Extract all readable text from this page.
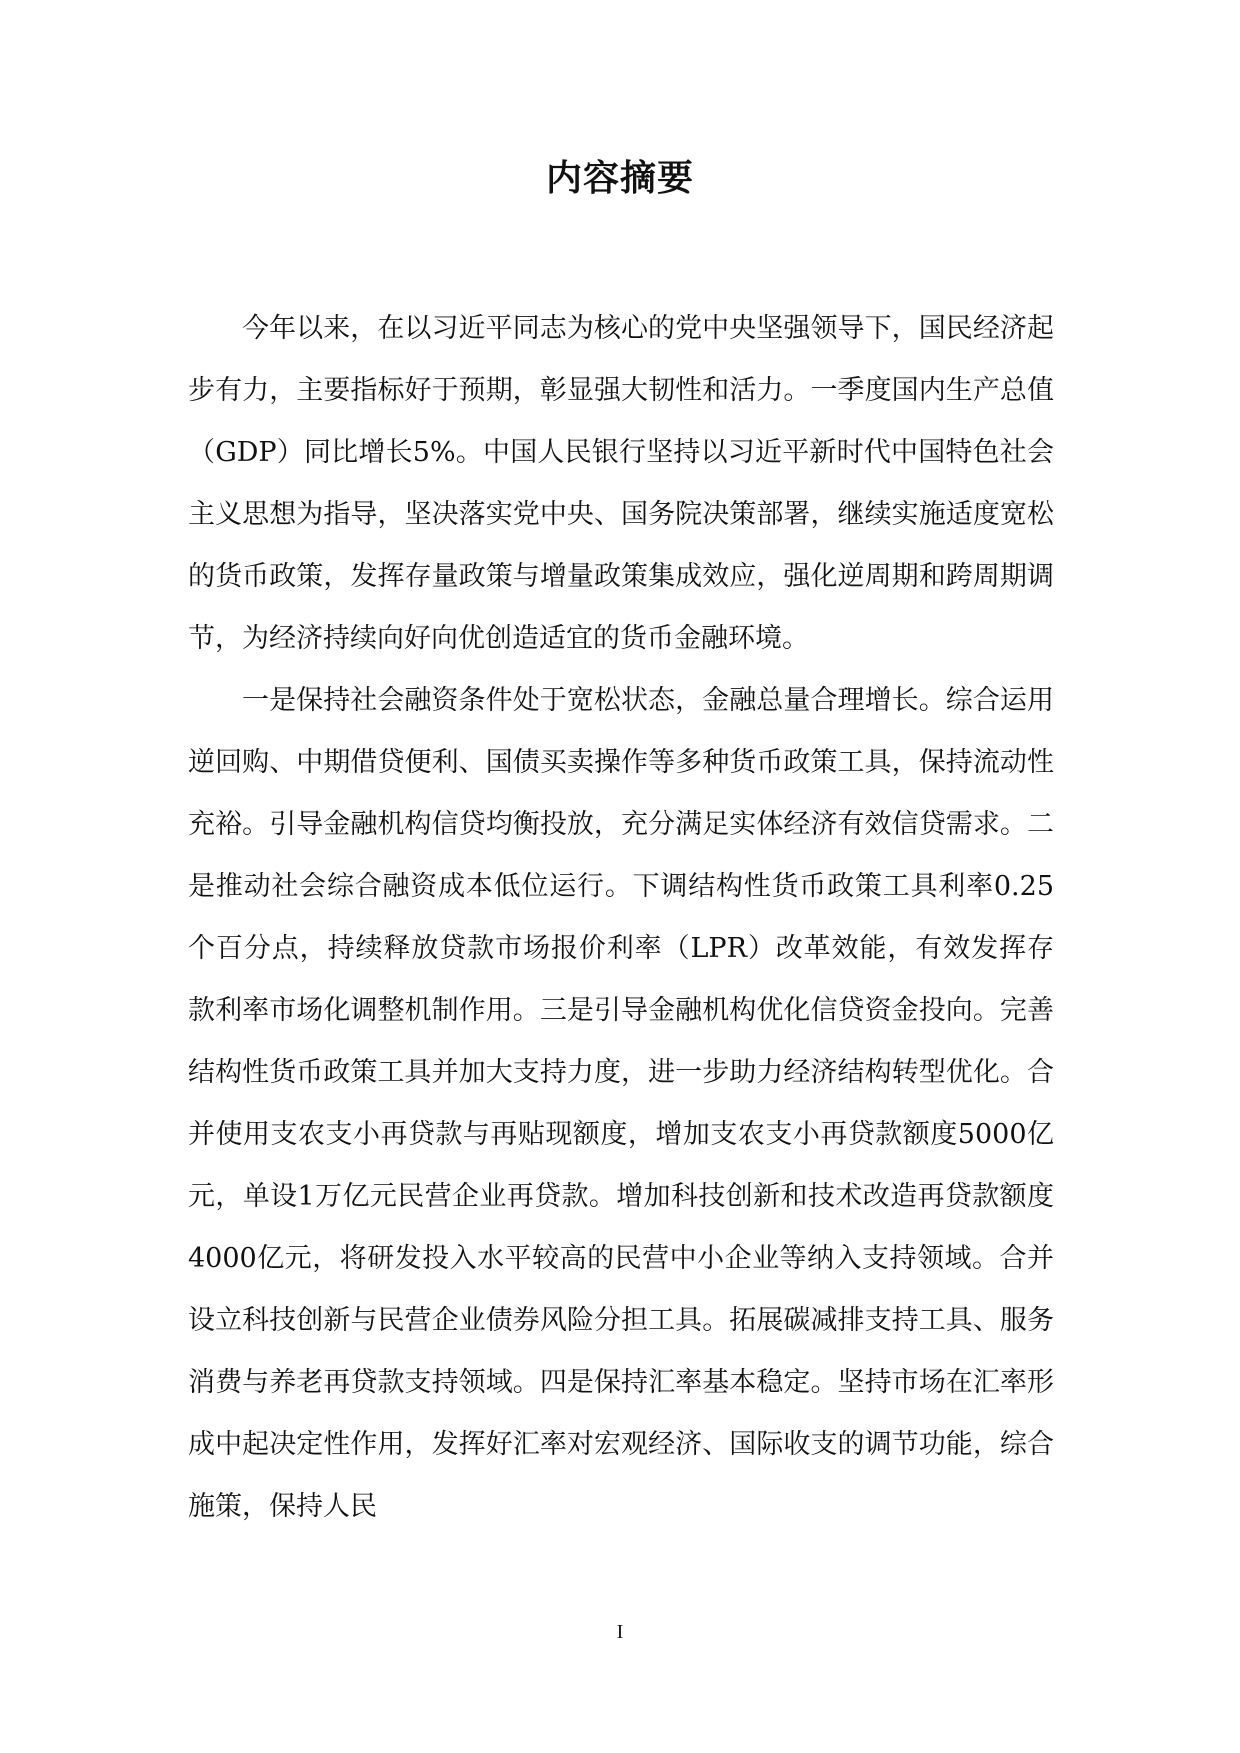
内容摘要

今年以来，在以习近平同志为核心的党中央坚强领导下，国民经济起步有力，主要指标好于预期，彰显强大韧性和活力。一季度国内生产总值（GDP）同比增长5%。中国人民银行坚持以习近平新时代中国特色社会主义思想为指导，坚决落实党中央、国务院决策部署，继续实施适度宽松的货币政策，发挥存量政策与增量政策集成效应，强化逆周期和跨周期调节，为经济持续向好向优创造适宜的货币金融环境。

一是保持社会融资条件处于宽松状态，金融总量合理增长。综合运用逆回购、中期借贷便利、国债买卖操作等多种货币政策工具，保持流动性充裕。引导金融机构信贷均衡投放，充分满足实体经济有效信贷需求。二是推动社会综合融资成本低位运行。下调结构性货币政策工具利率0.25个百分点，持续释放贷款市场报价利率（LPR）改革效能，有效发挥存款利率市场化调整机制作用。三是引导金融机构优化信贷资金投向。完善结构性货币政策工具并加大支持力度，进一步助力经济结构转型优化。合并使用支农支小再贷款与再贴现额度，增加支农支小再贷款额度5000亿元，单设1万亿元民营企业再贷款。增加科技创新和技术改造再贷款额度4000亿元，将研发投入水平较高的民营中小企业等纳入支持领域。合并设立科技创新与民营企业债券风险分担工具。拓展碳减排支持工具、服务消费与养老再贷款支持领域。四是保持汇率基本稳定。坚持市场在汇率形成中起决定性作用，发挥好汇率对宏观经济、国际收支的调节功能，综合施策，保持人民

I
